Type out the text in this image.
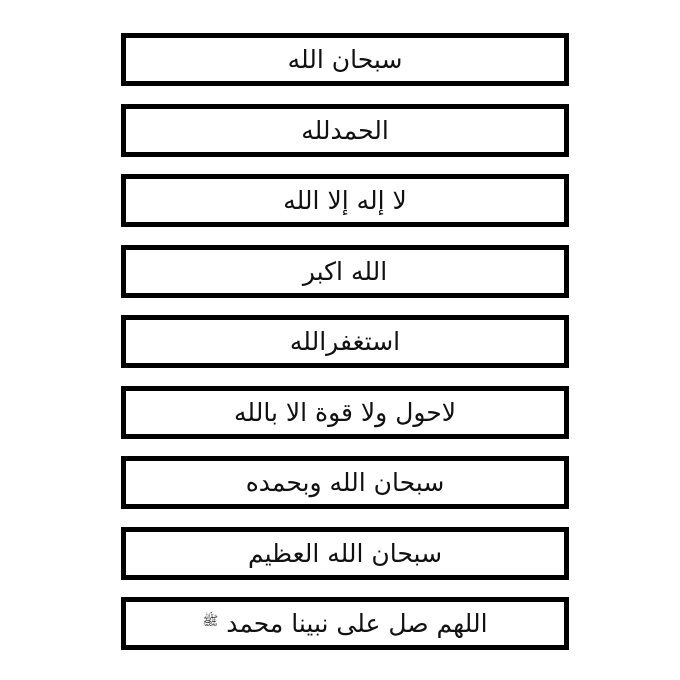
سبحان الله
الحمدلله
لا إله إلا الله
الله اكبر
استغفرالله
لاحول ولا قوة الا بالله
سبحان الله وبحمده
سبحان الله العظيم
اللهم صل على نبينا محمد
ﷺ
